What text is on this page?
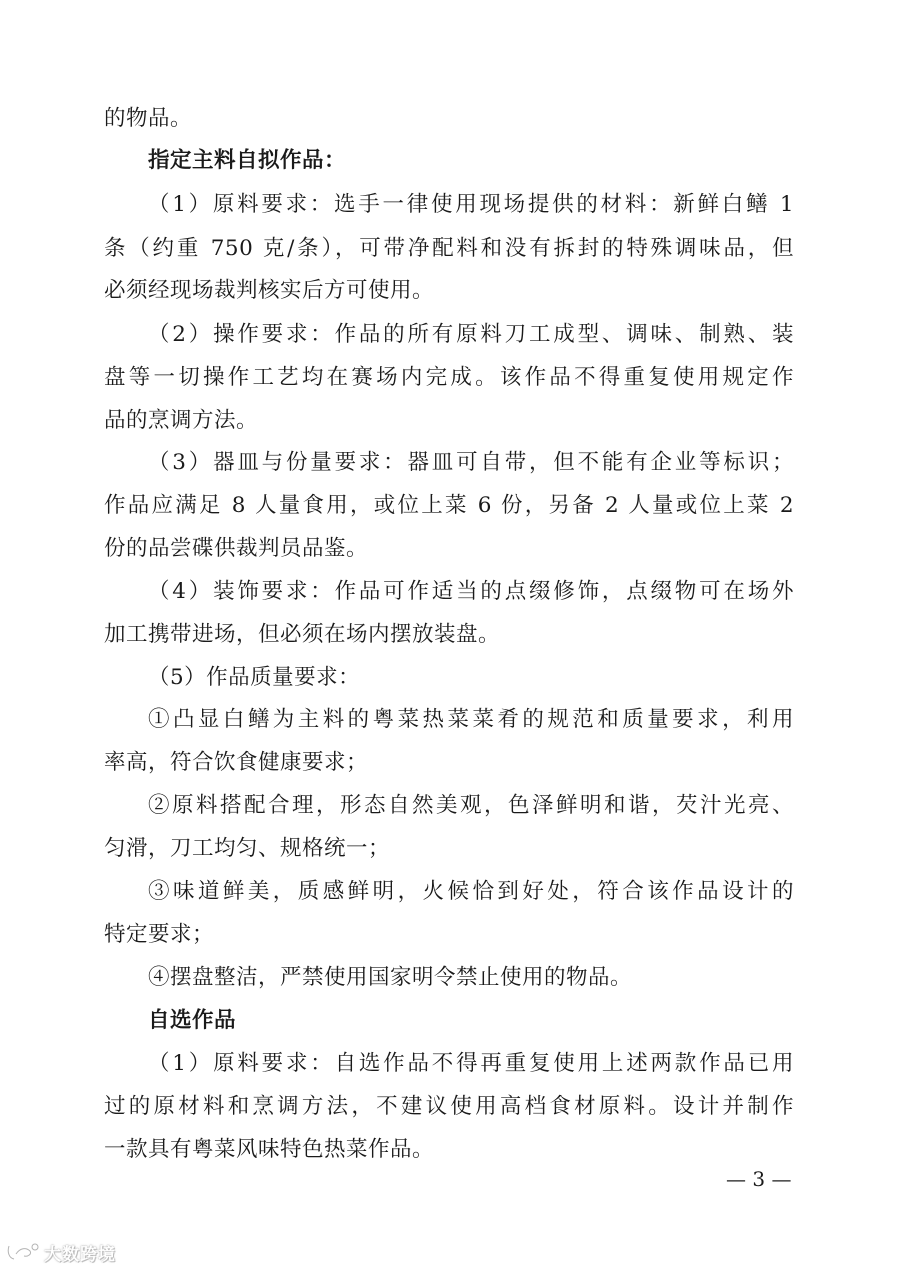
的物品。
指定主料自拟作品：
（1）原料要求：选手一律使用现场提供的材料：新鲜白鳝 1
条（约重 750 克/条），可带净配料和没有拆封的特殊调味品，但
必须经现场裁判核实后方可使用。
（2）操作要求：作品的所有原料刀工成型、调味、制熟、装
盘等一切操作工艺均在赛场内完成。该作品不得重复使用规定作
品的烹调方法。
（3）器皿与份量要求：器皿可自带，但不能有企业等标识；
作品应满足 8 人量食用，或位上菜 6 份，另备 2 人量或位上菜 2
份的品尝碟供裁判员品鉴。
（4）装饰要求：作品可作适当的点缀修饰，点缀物可在场外
加工携带进场，但必须在场内摆放装盘。
（5）作品质量要求：
①凸显白鳝为主料的粤菜热菜菜肴的规范和质量要求，利用
率高，符合饮食健康要求；
②原料搭配合理，形态自然美观，色泽鲜明和谐，芡汁光亮、
匀滑，刀工均匀、规格统一；
③味道鲜美，质感鲜明，火候恰到好处，符合该作品设计的
特定要求；
④摆盘整洁，严禁使用国家明令禁止使用的物品。
自选作品
（1）原料要求：自选作品不得再重复使用上述两款作品已用
过的原材料和烹调方法，不建议使用高档食材原料。设计并制作
一款具有粤菜风味特色热菜作品。
— 3 —
大数跨境
